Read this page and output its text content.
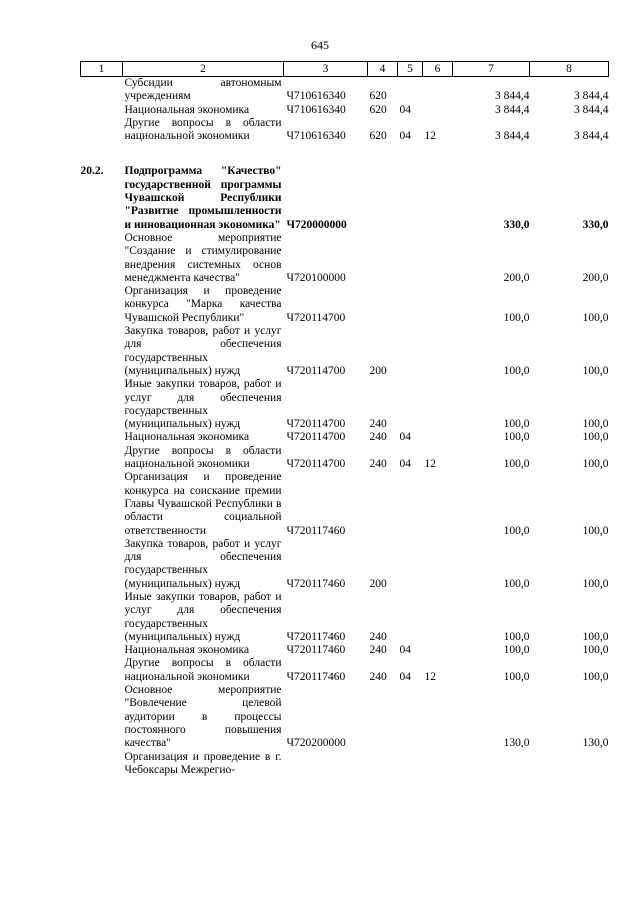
645
1	2	3	4	5	6	7	8
	Субсидии автономным учреждениям	Ч710616340	620			3 844,4	3 844,4
	Национальная экономика	Ч710616340	620	04		3 844,4	3 844,4
	Другие вопросы в области национальной экономики	Ч710616340	620	04	12	3 844,4	3 844,4

20.2.	Подпрограмма "Качество" государственной программы Чувашской Республики "Развитие промышленности и инновационная экономика"	Ч720000000				330,0	330,0
	Основное мероприятие "Создание и стимулирование внедрения системных основ менеджмента качества"	Ч720100000				200,0	200,0
	Организация и проведение конкурса "Марка качества Чувашской Республики"	Ч720114700				100,0	100,0
	Закупка товаров, работ и услуг для обеспечения государственных (муниципальных) нужд	Ч720114700	200			100,0	100,0
	Иные закупки товаров, работ и услуг для обеспечения государственных (муниципальных) нужд	Ч720114700	240			100,0	100,0
	Национальная экономика	Ч720114700	240	04		100,0	100,0
	Другие вопросы в области национальной экономики	Ч720114700	240	04	12	100,0	100,0
	Организация и проведение конкурса на соискание премии Главы Чувашской Республики в области социальной ответственности	Ч720117460				100,0	100,0
	Закупка товаров, работ и услуг для обеспечения государственных (муниципальных) нужд	Ч720117460	200			100,0	100,0
	Иные закупки товаров, работ и услуг для обеспечения государственных (муниципальных) нужд	Ч720117460	240			100,0	100,0
	Национальная экономика	Ч720117460	240	04		100,0	100,0
	Другие вопросы в области национальной экономики	Ч720117460	240	04	12	100,0	100,0
	Основное мероприятие "Вовлечение целевой аудитории в процессы постоянного повышения качества"	Ч720200000				130,0	130,0
	Организация и проведение в г. Чебоксары Межрегио-						
